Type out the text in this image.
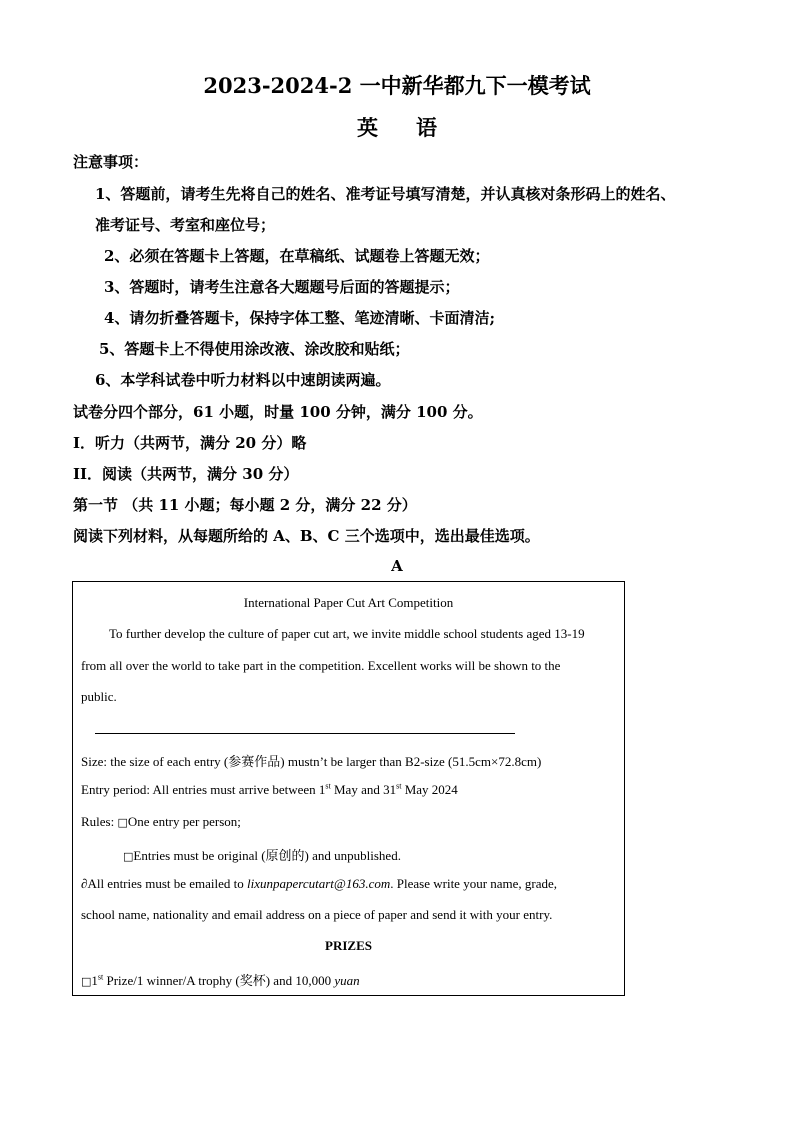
2023-2024-2 一中新华都九下一模考试
英 语
注意事项：
1、答题前，请考生先将自己的姓名、准考证号填写清楚，并认真核对条形码上的姓名、
准考证号、考室和座位号；
2、必须在答题卡上答题，在草稿纸、试题卷上答题无效；
3、答题时，请考生注意各大题题号后面的答题提示；
4、请勿折叠答题卡，保持字体工整、笔迹清晰、卡面清洁;
5、答题卡上不得使用涂改液、涂改胶和贴纸；
6、本学科试卷中听力材料以中速朗读两遍。
试卷分四个部分，61 小题，时量 100 分钟，满分 100 分。
I．听力（共两节，满分 20 分）略
II．阅读（共两节，满分 30 分）
第一节 （共 11 小题；每小题 2 分，满分 22 分）
阅读下列材料，从每题所给的 A、B、C 三个选项中，选出最佳选项。
A
International Paper Cut Art Competition
To further develop the culture of paper cut art, we invite middle school students aged 13-19
from all over the world to take part in the competition. Excellent works will be shown to the
public.
Size: the size of each entry (参赛作品) mustn’t be larger than B2-size (51.5cm×72.8cm)
Entry period: All entries must arrive between 1st May and 31st May 2024
Rules: □One entry per person;
□Entries must be original (原创的) and unpublished.
∂All entries must be emailed to lixunpapercutart@163.com. Please write your name, grade,
school name, nationality and email address on a piece of paper and send it with your entry.
PRIZES
□1st Prize/1 winner/A trophy (奖杯) and 10,000 yuan
